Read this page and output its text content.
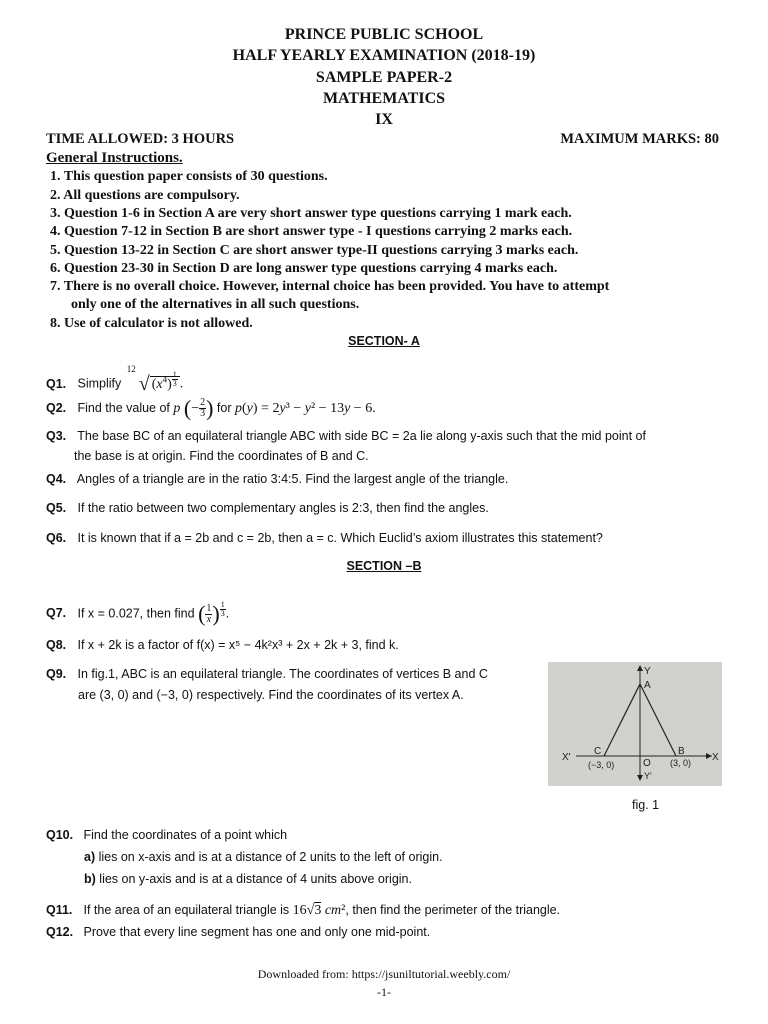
PRINCE PUBLIC SCHOOL
HALF YEARLY EXAMINATION (2018-19)
SAMPLE PAPER-2
MATHEMATICS
IX
TIME ALLOWED: 3 HOURS	MAXIMUM MARKS: 80
General Instructions.
1. This question paper consists of 30 questions.
2. All questions are compulsory.
3. Question 1-6 in Section A are very short answer type questions carrying 1 mark each.
4. Question 7-12 in Section B are short answer type - I questions carrying 2 marks each.
5. Question 13-22 in Section C are short answer type-II questions carrying 3 marks each.
6. Question 23-30 in Section D are long answer type questions carrying 4 marks each.
7. There is no overall choice. However, internal choice has been provided. You have to attempt
only one of the alternatives in all such questions.
8. Use of calculator is not allowed.
SECTION- A
Q1. Simplify
12
√ $(x^4)$ $^{\frac{1}{3}}$ .
Q2. Find the value of p (− $\frac{2}{3}$ ) for p(y) = 2y³ − y² − 13y − 6.
Q3. The base BC of an equilateral triangle ABC with side BC = 2a lie along y-axis such that the mid point of
the base is at origin. Find the coordinates of B and C.
Q4. Angles of a triangle are in the ratio 3:4:5. Find the largest angle of the triangle.
Q5. If the ratio between two complementary angles is 2:3, then find the angles.
Q6. It is known that if a = 2b and c = 2b, then a = c. Which Euclid’s axiom illustrates this statement?
SECTION –B
Q7. If x = 0.027, then find ( $\frac{1}{x}$ ) $^{\frac{1}{3}}$ .
Q8. If x + 2k is a factor of f(x) = x⁵ − 4k²x³ + 2x + 2k + 3, find k.
Q9. In fig.1, ABC is an equilateral triangle. The coordinates of vertices B and C
are (3, 0) and (−3, 0) respectively. Find the coordinates of its vertex A.
Y
A
C	B
X'	X
O
(−3, 0)	(3, 0)
Y'
fig. 1
Q10. Find the coordinates of a point which
a) lies on x-axis and is at a distance of 2 units to the left of origin.
b) lies on y-axis and is at a distance of 4 units above origin.
Q11. If the area of an equilateral triangle is 16√3 cm², then find the perimeter of the triangle.
Q12. Prove that every line segment has one and only one mid-point.
Downloaded from: https://jsuniltutorial.weebly.com/
-1-
